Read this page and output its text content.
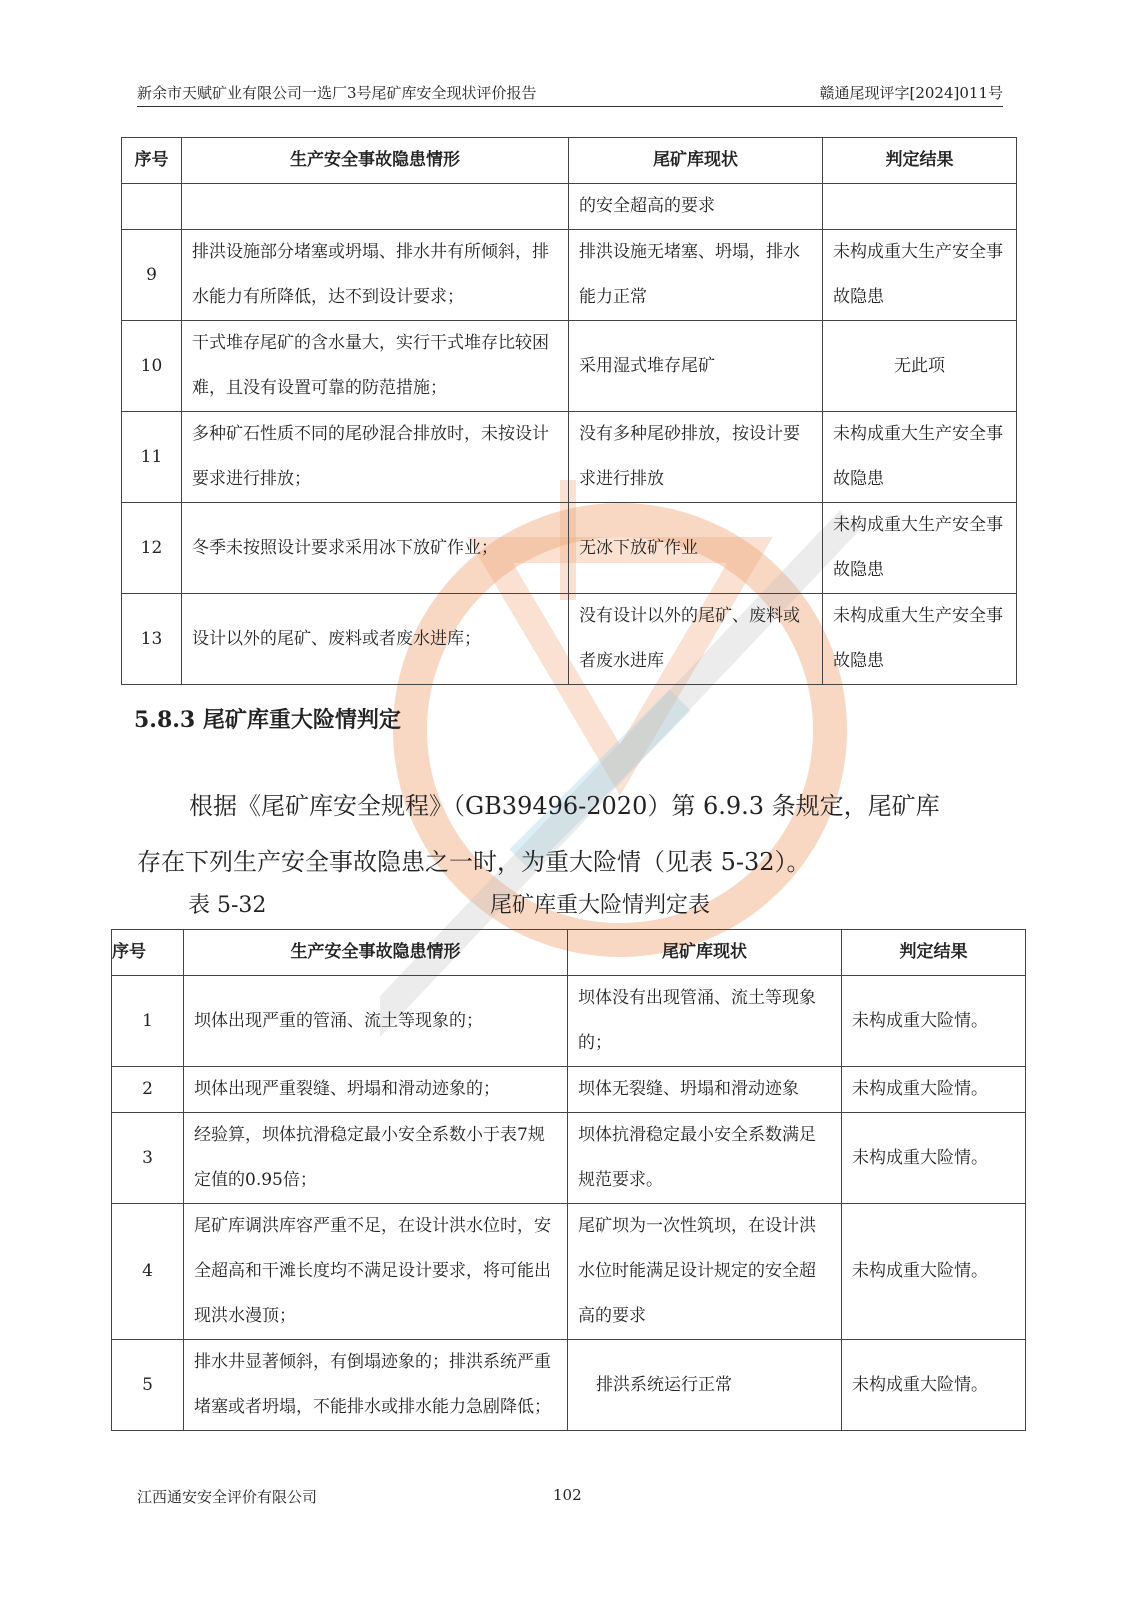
新余市天赋矿业有限公司一选厂3号尾矿库安全现状评价报告	赣通尾现评字[2024]011号
序号	生产安全事故隐患情形	尾矿库现状	判定结果
		的安全超高的要求	
9	排洪设施部分堵塞或坍塌、排水井有所倾斜，排水能力有所降低，达不到设计要求；	排洪设施无堵塞、坍塌，排水能力正常	未构成重大生产安全事故隐患
10	干式堆存尾矿的含水量大，实行干式堆存比较困难，且没有设置可靠的防范措施；	采用湿式堆存尾矿	无此项
11	多种矿石性质不同的尾砂混合排放时，未按设计要求进行排放；	没有多种尾砂排放，按设计要求进行排放	未构成重大生产安全事故隐患
12	冬季未按照设计要求采用冰下放矿作业；	无冰下放矿作业	未构成重大生产安全事故隐患
13	设计以外的尾矿、废料或者废水进库；	没有设计以外的尾矿、废料或者废水进库	未构成重大生产安全事故隐患
5.8.3 尾矿库重大险情判定

根据《尾矿库安全规程》（GB39496-2020）第 6.9.3 条规定，尾矿库

存在下列生产安全事故隐患之一时，为重大险情（见表 5-32）。

表 5-32	尾矿库重大险情判定表
序号	生产安全事故隐患情形	尾矿库现状	判定结果
1	坝体出现严重的管涌、流土等现象的；	坝体没有出现管涌、流土等现象的；	未构成重大险情。
2	坝体出现严重裂缝、坍塌和滑动迹象的；	坝体无裂缝、坍塌和滑动迹象	未构成重大险情。
3	经验算，坝体抗滑稳定最小安全系数小于表7规定值的0.95倍；	坝体抗滑稳定最小安全系数满足规范要求。	未构成重大险情。
4	尾矿库调洪库容严重不足，在设计洪水位时，安全超高和干滩长度均不满足设计要求，将可能出现洪水漫顶；	尾矿坝为一次性筑坝，在设计洪水位时能满足设计规定的安全超高的要求	未构成重大险情。
5	排水井显著倾斜，有倒塌迹象的；排洪系统严重堵塞或者坍塌，不能排水或排水能力急剧降低；	排洪系统运行正常	未构成重大险情。
江西通安安全评价有限公司	102
